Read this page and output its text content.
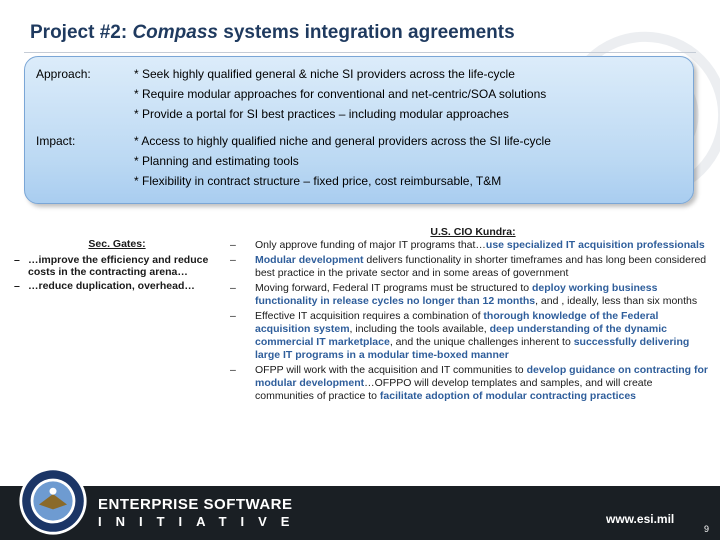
Project #2: Compass systems integration agreements
Approach:	* Seek highly qualified general & niche SI providers across the life-cycle
* Require modular approaches for conventional and net-centric/SOA solutions
* Provide a portal for SI best practices – including modular approaches
Impact:	* Access to highly qualified niche and general providers across the SI life-cycle
* Planning and estimating tools
* Flexibility in contract structure – fixed price, cost reimbursable, T&M
Sec. Gates:
– …improve the efficiency and reduce costs in the contracting arena…
– …reduce duplication, overhead…
U.S. CIO Kundra:
– Only approve funding of major IT programs that…use specialized IT acquisition professionals
– Modular development delivers functionality in shorter timeframes and has long been considered best practice in the private sector and in some areas of government
– Moving forward, Federal IT programs must be structured to deploy working business functionality in release cycles no longer than 12 months, and , ideally, less than six months
– Effective IT acquisition requires a combination of thorough knowledge of the Federal acquisition system, including the tools available, deep understanding of the dynamic commercial IT marketplace, and the unique challenges inherent to successfully delivering large IT programs in a modular time-boxed manner
– OFPP will work with the acquisition and IT communities to develop guidance on contracting for modular development…OFPPO will develop templates and samples, and will create communities of practice to facilitate adoption of modular contracting practices
ENTERPRISE SOFTWARE
INITIATIVE	www.esi.mil
9
